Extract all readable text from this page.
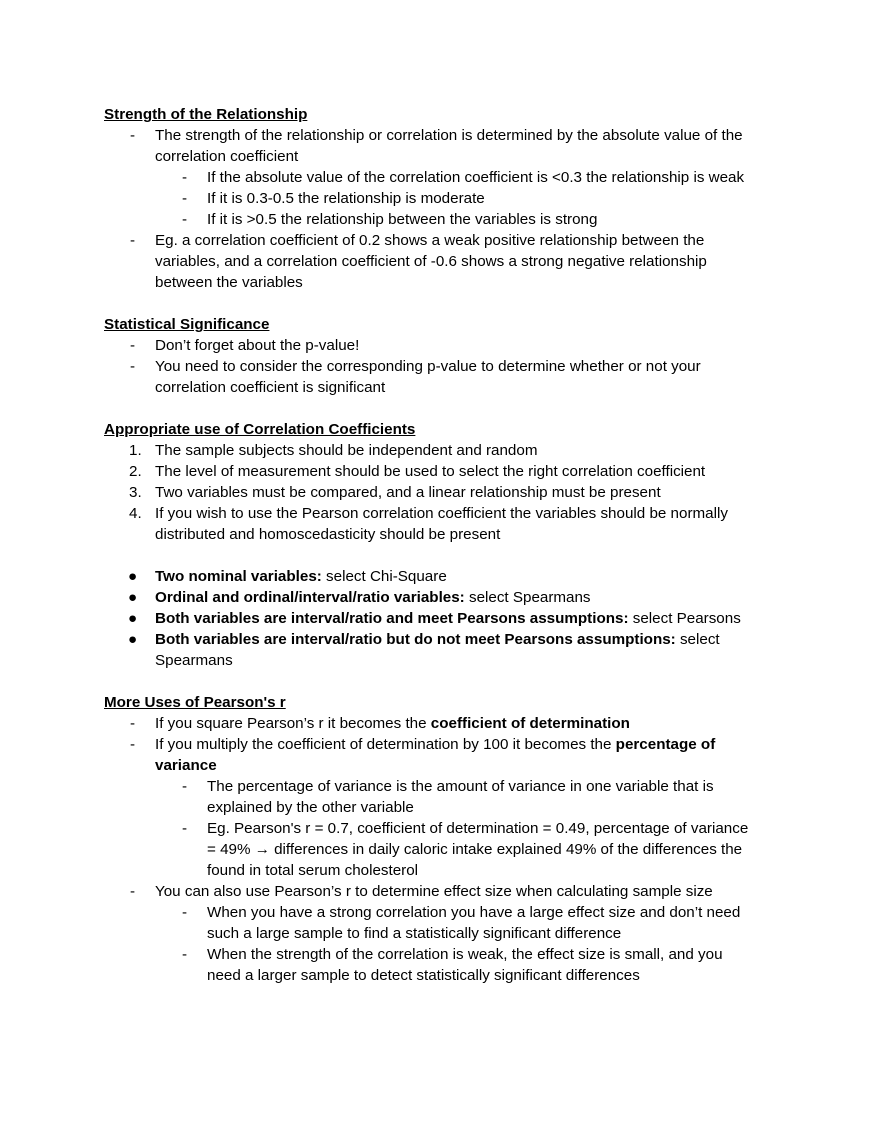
Strength of the Relationship

- The strength of the relationship or correlation is determined by the absolute value of the

correlation coefficient

- If the absolute value of the correlation coefficient is <0.3 the relationship is weak

- If it is 0.3-0.5 the relationship is moderate

- If it is >0.5 the relationship between the variables is strong

- Eg. a correlation coefficient of 0.2 shows a weak positive relationship between the

variables, and a correlation coefficient of -0.6 shows a strong negative relationship

between the variables

Statistical Significance

- Don’t forget about the p-value!

- You need to consider the corresponding p-value to determine whether or not your

correlation coefficient is significant

Appropriate use of Correlation Coefficients

1. The sample subjects should be independent and random

2. The level of measurement should be used to select the right correlation coefficient

3. Two variables must be compared, and a linear relationship must be present

4. If you wish to use the Pearson correlation coefficient the variables should be normally

distributed and homoscedasticity should be present

● Two nominal variables: select Chi-Square

● Ordinal and ordinal/interval/ratio variables: select Spearmans

● Both variables are interval/ratio and meet Pearsons assumptions: select Pearsons

● Both variables are interval/ratio but do not meet Pearsons assumptions: select

Spearmans

More Uses of Pearson's r

- If you square Pearson’s r it becomes the coefficient of determination

- If you multiply the coefficient of determination by 100 it becomes the percentage of

variance

- The percentage of variance is the amount of variance in one variable that is

explained by the other variable

- Eg. Pearson's r = 0.7, coefficient of determination = 0.49, percentage of variance

= 49% → differences in daily caloric intake explained 49% of the differences the

found in total serum cholesterol

- You can also use Pearson’s r to determine effect size when calculating sample size

- When you have a strong correlation you have a large effect size and don’t need

such a large sample to find a statistically significant difference

- When the strength of the correlation is weak, the effect size is small, and you

need a larger sample to detect statistically significant differences
